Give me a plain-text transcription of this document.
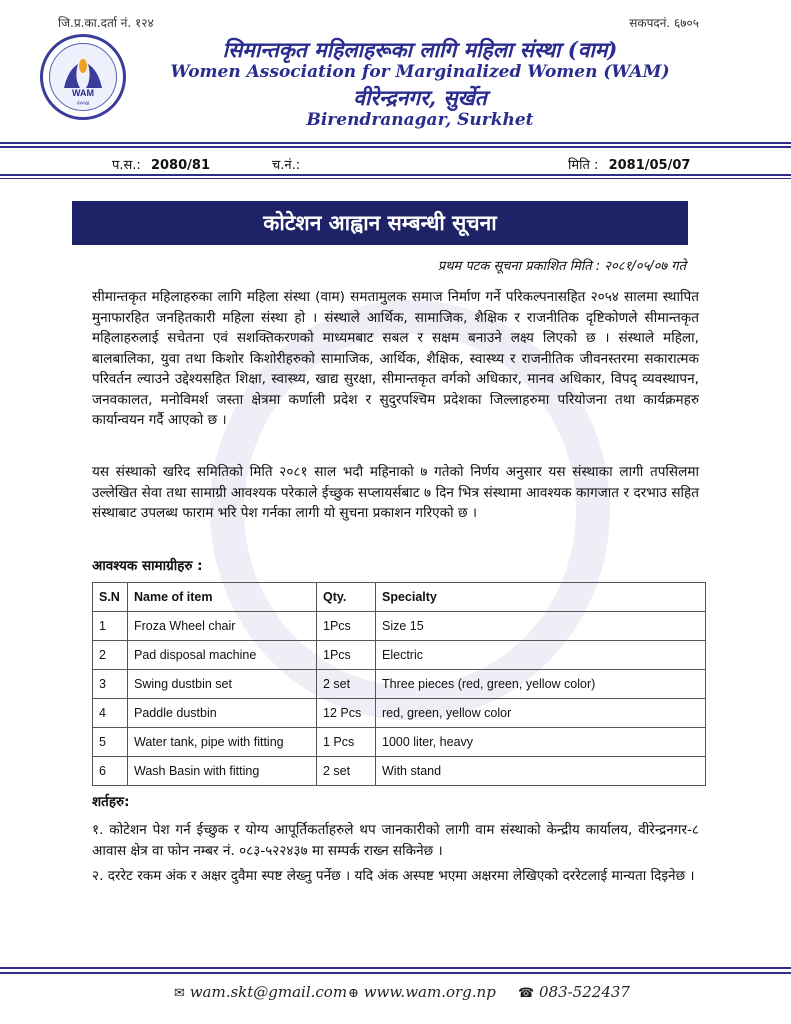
जि.प्र.का.दर्ता नं. १२४	सकपदनं. ६७०५
WAM
२०५४
सिमान्तकृत महिलाहरूका लागि महिला संस्था (वाम)
Women Association for Marginalized Women (WAM)
वीरेन्द्रनगर, सुर्खेत
Birendranagar, Surkhet
प.स.: 2080/81	च.नं.:	मिति : 2081/05/07
कोटेशन आह्वान सम्बन्धी सूचना
प्रथम पटक सूचना प्रकाशित मिति : २०८१/०५/०७ गते
सीमान्तकृत महिलाहरुका लागि महिला संस्था (वाम) समतामुलक समाज निर्माण गर्ने परिकल्पनासहित २०५४ सालमा स्थापित मुनाफारहित जनहितकारी महिला संस्था हो । संस्थाले आर्थिक, सामाजिक, शैक्षिक र राजनीतिक दृष्टिकोणले सीमान्तकृत महिलाहरुलाई सचेतना एवं सशक्तिकरणको माध्यमबाट सबल र सक्षम बनाउने लक्ष्य लिएको छ । संस्थाले महिला, बालबालिका, युवा तथा किशोर किशोरीहरुको सामाजिक, आर्थिक, शैक्षिक, स्वास्थ्य र राजनीतिक जीवनस्तरमा सकारात्मक परिवर्तन ल्याउने उद्देश्यसहित शिक्षा, स्वास्थ्य, खाद्य सुरक्षा, सीमान्तकृत वर्गको अधिकार, मानव अधिकार, विपद् व्यवस्थापन, जनवकालत, मनोविमर्श जस्ता क्षेत्रमा कर्णाली प्रदेश र सुदुरपश्चिम प्रदेशका जिल्लाहरुमा परियोजना तथा कार्यक्रमहरु कार्यान्वयन गर्दै आएको छ ।
यस संस्थाको खरिद समितिको मिति २०८१ साल भदौ महिनाको ७ गतेको निर्णय अनुसार यस संस्थाका लागी तपसिलमा उल्लेखित सेवा तथा सामाग्री आवश्यक परेकाले ईच्छुक सप्लायर्सबाट ७ दिन भित्र संस्थामा आवश्यक कागजात र दरभाउ सहित संस्थाबाट उपलब्ध फाराम भरि पेश गर्नका लागी यो सुचना प्रकाशन गरिएको छ ।
आवश्यक सामाग्रीहरु :
S.N	Name of item	Qty.	Specialty
1	Froza Wheel chair	1Pcs	Size 15
2	Pad disposal machine	1Pcs	Electric
3	Swing dustbin set	2 set	Three pieces (red, green, yellow color)
4	Paddle dustbin	12 Pcs	red, green, yellow color
5	Water tank, pipe with fitting	1 Pcs	1000 liter, heavy
6	Wash Basin with fitting	2 set	With stand
शर्तहरु:
१. कोटेशन पेश गर्न ईच्छुक र योग्य आपूर्तिकर्ताहरुले थप जानकारीको लागी वाम संस्थाको केन्द्रीय कार्यालय, वीरेन्द्रनगर-८ आवास क्षेत्र वा फोन नम्बर नं. ०८३-५२२४३७ मा सम्पर्क राख्न सकिनेछ ।
२. दररेट रकम अंक र अक्षर दुवैमा स्पष्ट लेख्नु पर्नेछ । यदि अंक अस्पष्ट भएमा अक्षरमा लेखिएको दररेटलाई मान्यता दिइनेछ ।
✉ wam.skt@gmail.com ⊕ www.wam.org.np ☎ 083-522437
